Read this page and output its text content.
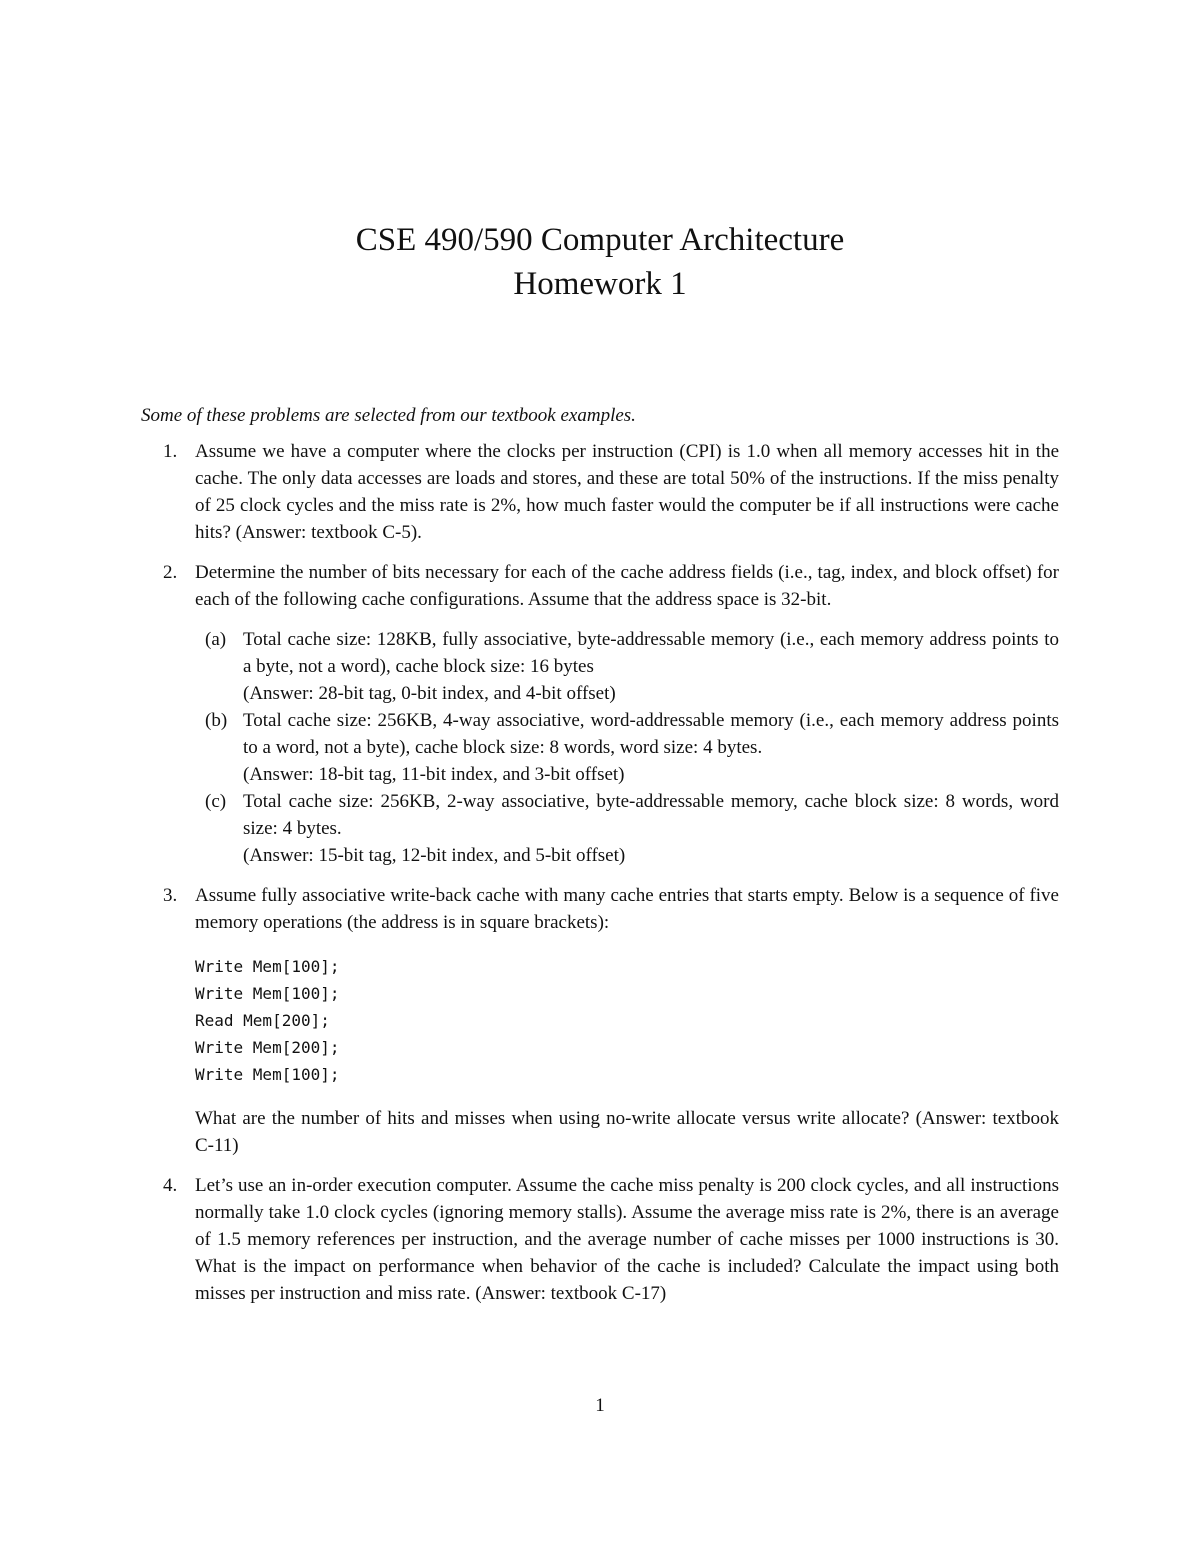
CSE 490/590 Computer Architecture
Homework 1

Some of these problems are selected from our textbook examples.

1. Assume we have a computer where the clocks per instruction (CPI) is 1.0 when all memory accesses hit in the cache. The only data accesses are loads and stores, and these are total 50% of the instructions. If the miss penalty of 25 clock cycles and the miss rate is 2%, how much faster would the computer be if all instructions were cache hits? (Answer: textbook C-5).
2. Determine the number of bits necessary for each of the cache address fields (i.e., tag, index, and block offset) for each of the following cache configurations. Assume that the address space is 32-bit.
(a) Total cache size: 128KB, fully associative, byte-addressable memory (i.e., each memory address points to a byte, not a word), cache block size: 16 bytes
(Answer: 28-bit tag, 0-bit index, and 4-bit offset)
(b) Total cache size: 256KB, 4-way associative, word-addressable memory (i.e., each memory address points to a word, not a byte), cache block size: 8 words, word size: 4 bytes.
(Answer: 18-bit tag, 11-bit index, and 3-bit offset)
(c) Total cache size: 256KB, 2-way associative, byte-addressable memory, cache block size: 8 words, word size: 4 bytes.
(Answer: 15-bit tag, 12-bit index, and 5-bit offset)
3. Assume fully associative write-back cache with many cache entries that starts empty. Below is a sequence of five memory operations (the address is in square brackets):
Write Mem[100];
Write Mem[100];
Read Mem[200];
Write Mem[200];
Write Mem[100];
What are the number of hits and misses when using no-write allocate versus write allocate? (Answer: textbook C-11)
4. Let’s use an in-order execution computer. Assume the cache miss penalty is 200 clock cycles, and all instructions normally take 1.0 clock cycles (ignoring memory stalls). Assume the average miss rate is 2%, there is an average of 1.5 memory references per instruction, and the average number of cache misses per 1000 instructions is 30. What is the impact on performance when behavior of the cache is included? Calculate the impact using both misses per instruction and miss rate. (Answer: textbook C-17)
1
